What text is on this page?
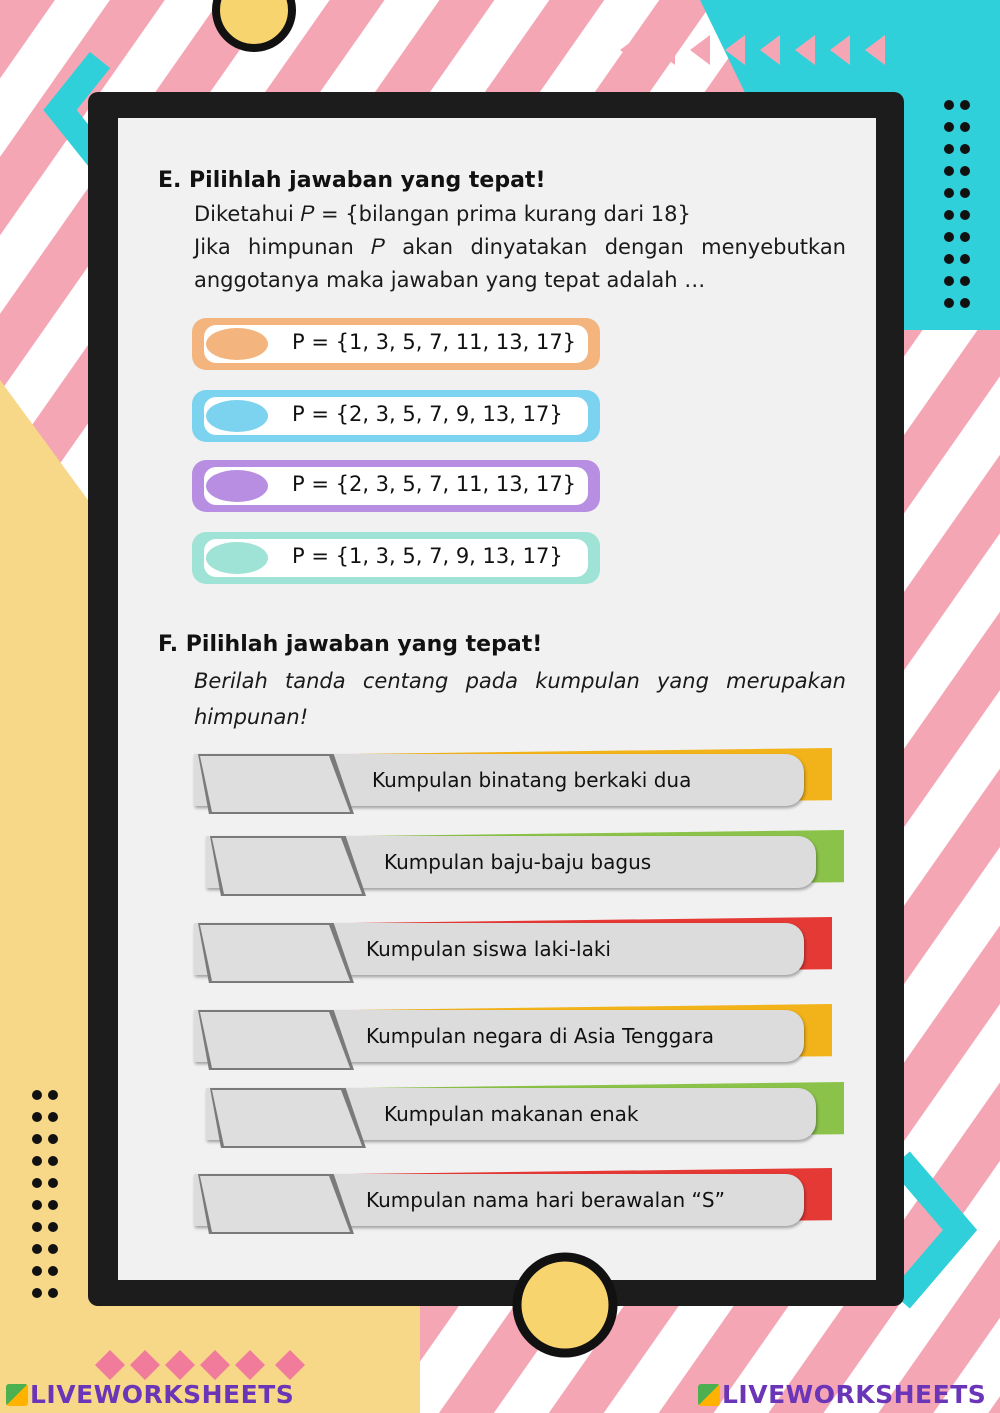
E. Pilihlah jawaban yang tepat!
Diketahui 𝑃 = {bilangan prima kurang dari 18}
Jika himpunan 𝑃 akan dinyatakan dengan menyebutkan
anggotanya maka jawaban yang tepat adalah …
P = {1, 3, 5, 7, 11, 13, 17}
P = {2, 3, 5, 7, 9, 13, 17}
P = {2, 3, 5, 7, 11, 13, 17}
P = {1, 3, 5, 7, 9, 13, 17}
F. Pilihlah jawaban yang tepat!
Berilah tanda centang pada kumpulan yang merupakan
himpunan!
Kumpulan binatang berkaki dua
Kumpulan baju-baju bagus
Kumpulan siswa laki-laki
Kumpulan negara di Asia Tenggara
Kumpulan makanan enak
Kumpulan nama hari berawalan “S”
LIVEWORKSHEETS	LIVEWORKSHEETS
